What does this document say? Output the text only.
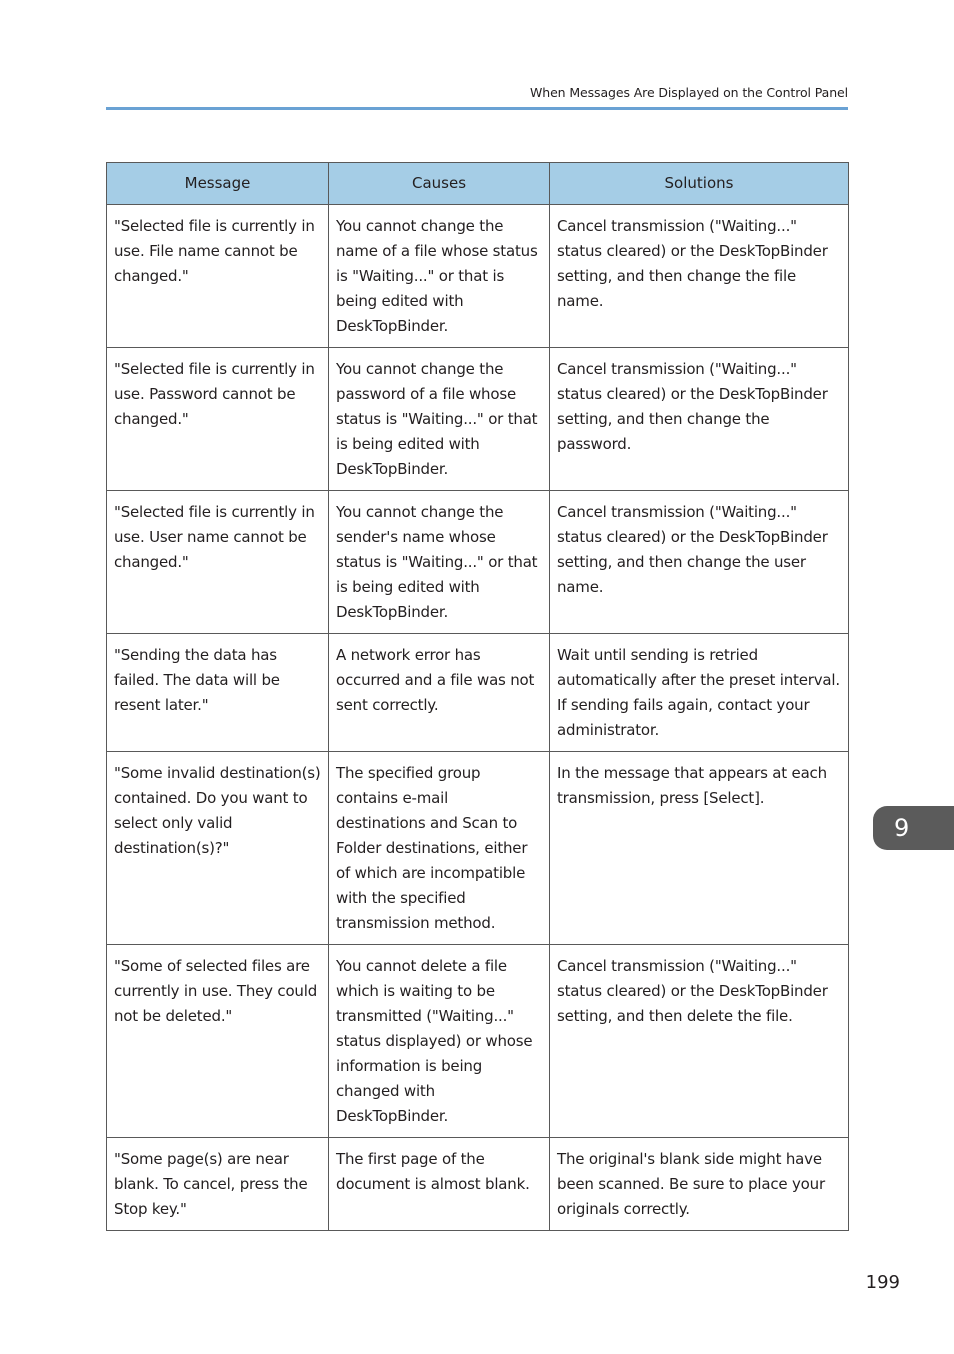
When Messages Are Displayed on the Control Panel
Message	Causes	Solutions
"Selected file is currently in use. File name cannot be changed."	You cannot change the name of a file whose status is "Waiting..." or that is being edited with DeskTopBinder.	Cancel transmission ("Waiting..." status cleared) or the DeskTopBinder setting, and then change the file name.
"Selected file is currently in use. Password cannot be changed."	You cannot change the password of a file whose status is "Waiting..." or that is being edited with DeskTopBinder.	Cancel transmission ("Waiting..." status cleared) or the DeskTopBinder setting, and then change the password.
"Selected file is currently in use. User name cannot be changed."	You cannot change the sender's name whose status is "Waiting..." or that is being edited with DeskTopBinder.	Cancel transmission ("Waiting..." status cleared) or the DeskTopBinder setting, and then change the user name.
"Sending the data has failed. The data will be resent later."	A network error has occurred and a file was not sent correctly.	Wait until sending is retried automatically after the preset interval. If sending fails again, contact your administrator.
"Some invalid destination(s) contained. Do you want to select only valid destination(s)?"	The specified group contains e-mail destinations and Scan to Folder destinations, either of which are incompatible with the specified transmission method.	In the message that appears at each transmission, press [Select].
"Some of selected files are currently in use. They could not be deleted."	You cannot delete a file which is waiting to be transmitted ("Waiting..." status displayed) or whose information is being changed with DeskTopBinder.	Cancel transmission ("Waiting..." status cleared) or the DeskTopBinder setting, and then delete the file.
"Some page(s) are near blank. To cancel, press the Stop key."	The first page of the document is almost blank.	The original's blank side might have been scanned. Be sure to place your originals correctly.
9
199
